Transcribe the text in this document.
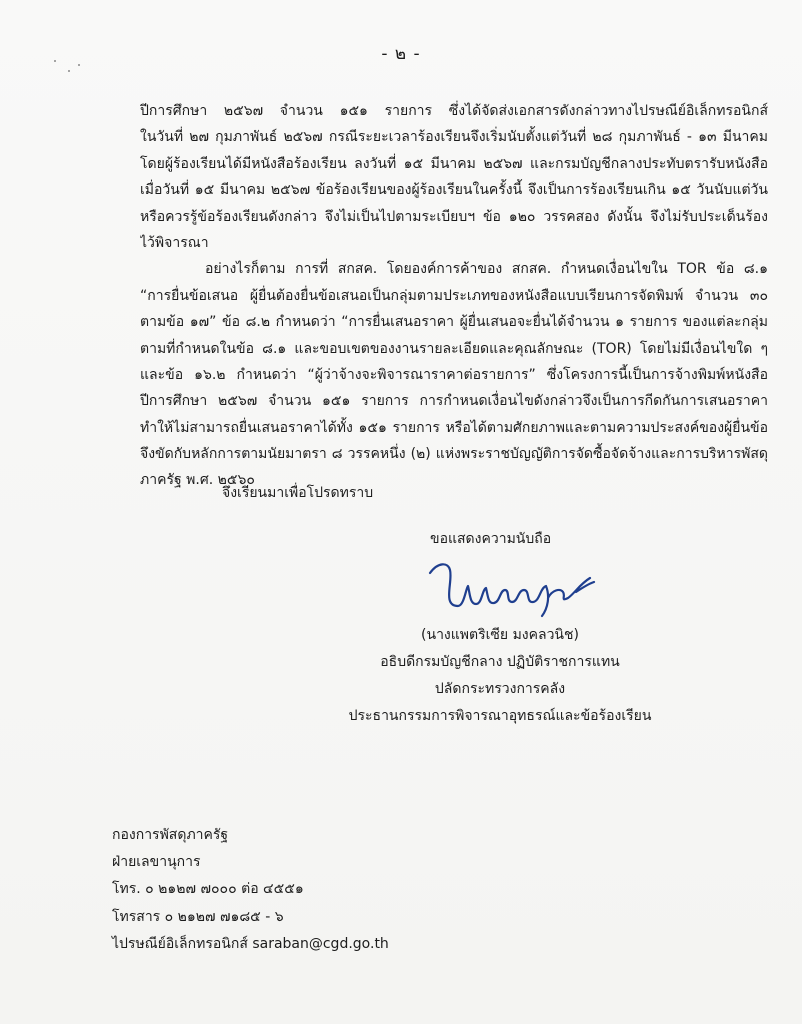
- ๒ -
ปีการศึกษา ๒๕๖๗ จำนวน ๑๕๑ รายการ ซึ่งได้จัดส่งเอกสารดังกล่าวทางไปรษณีย์อิเล็กทรอนิกส์
ในวันที่ ๒๗ กุมภาพันธ์ ๒๕๖๗ กรณีระยะเวลาร้องเรียนจึงเริ่มนับตั้งแต่วันที่ ๒๘ กุมภาพันธ์ - ๑๓ มีนาคม
โดยผู้ร้องเรียนได้มีหนังสือร้องเรียน ลงวันที่ ๑๕ มีนาคม ๒๕๖๗ และกรมบัญชีกลางประทับตรารับหนังสือ
เมื่อวันที่ ๑๕ มีนาคม ๒๕๖๗ ข้อร้องเรียนของผู้ร้องเรียนในครั้งนี้ จึงเป็นการร้องเรียนเกิน ๑๕ วันนับแต่วัน
หรือควรรู้ข้อร้องเรียนดังกล่าว จึงไม่เป็นไปตามระเบียบฯ ข้อ ๑๒๐ วรรคสอง ดังนั้น จึงไม่รับประเด็นร้อง
ไว้พิจารณา
อย่างไรก็ตาม การที่ สกสค. โดยองค์การค้าของ สกสค. กำหนดเงื่อนไขใน TOR ข้อ ๘.๑
“การยื่นข้อเสนอ ผู้ยื่นต้องยื่นข้อเสนอเป็นกลุ่มตามประเภทของหนังสือแบบเรียนการจัดพิมพ์ จำนวน ๓๐
ตามข้อ ๑๗” ข้อ ๘.๒ กำหนดว่า “การยื่นเสนอราคา ผู้ยื่นเสนอจะยื่นได้จำนวน ๑ รายการ ของแต่ละกลุ่ม
ตามที่กำหนดในข้อ ๘.๑ และขอบเขตของงานรายละเอียดและคุณลักษณะ (TOR) โดยไม่มีเงื่อนไขใด ๆ
และข้อ ๑๖.๒ กำหนดว่า “ผู้ว่าจ้างจะพิจารณาราคาต่อรายการ” ซึ่งโครงการนี้เป็นการจ้างพิมพ์หนังสือ
ปีการศึกษา ๒๕๖๗ จำนวน ๑๕๑ รายการ การกำหนดเงื่อนไขดังกล่าวจึงเป็นการกีดกันการเสนอราคา
ทำให้ไม่สามารถยื่นเสนอราคาได้ทั้ง ๑๕๑ รายการ หรือได้ตามศักยภาพและตามความประสงค์ของผู้ยื่นข้อ
จึงขัดกับหลักการตามนัยมาตรา ๘ วรรคหนึ่ง (๒) แห่งพระราชบัญญัติการจัดซื้อจัดจ้างและการบริหารพัสดุ
ภาครัฐ พ.ศ. ๒๕๖๐
จึงเรียนมาเพื่อโปรดทราบ
ขอแสดงความนับถือ
(นางแพตริเซีย มงคลวนิช)
อธิบดีกรมบัญชีกลาง ปฏิบัติราชการแทน
ปลัดกระทรวงการคลัง
ประธานกรรมการพิจารณาอุทธรณ์และข้อร้องเรียน
กองการพัสดุภาครัฐ
ฝ่ายเลขานุการ
โทร. ๐ ๒๑๒๗ ๗๐๐๐ ต่อ ๔๕๕๑
โทรสาร ๐ ๒๑๒๗ ๗๑๘๕ - ๖
ไปรษณีย์อิเล็กทรอนิกส์ saraban@cgd.go.th
